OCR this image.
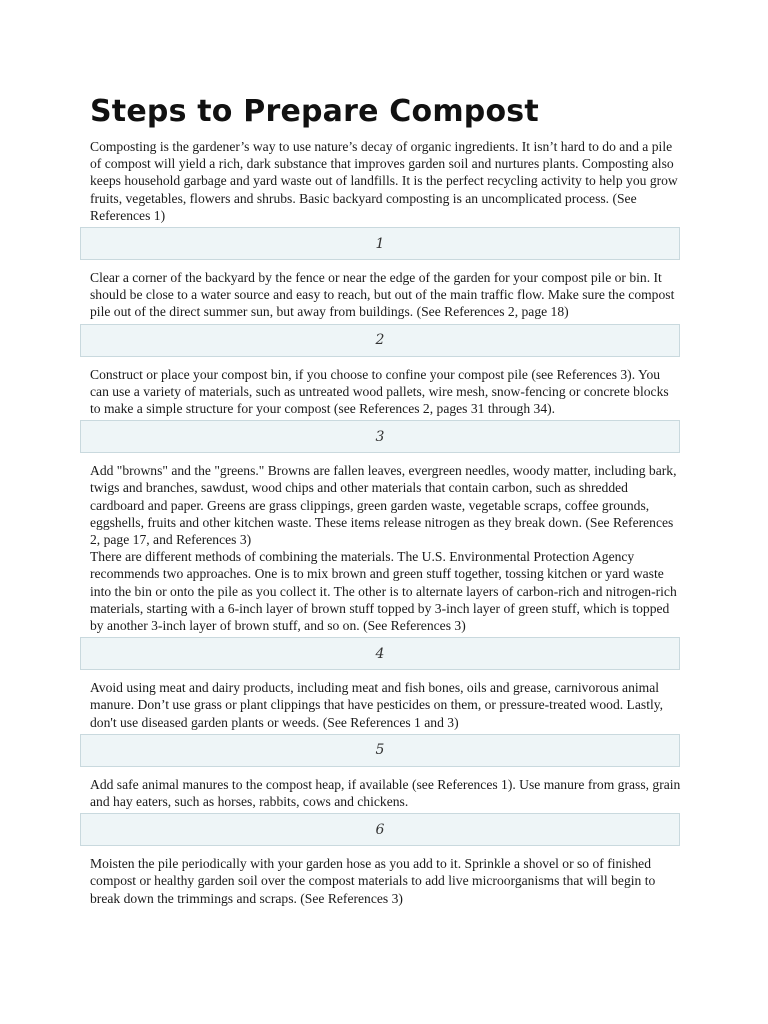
Steps to Prepare Compost

Composting is the gardener’s way to use nature’s decay of organic ingredients. It isn’t hard to do and a pile of compost will yield a rich, dark substance that improves garden soil and nurtures plants. Composting also keeps household garbage and yard waste out of landfills. It is the perfect recycling activity to help you grow fruits, vegetables, flowers and shrubs. Basic backyard composting is an uncomplicated process. (See References 1)

1

Clear a corner of the backyard by the fence or near the edge of the garden for your compost pile or bin. It should be close to a water source and easy to reach, but out of the main traffic flow. Make sure the compost pile out of the direct summer sun, but away from buildings. (See References 2, page 18)

2

Construct or place your compost bin, if you choose to confine your compost pile (see References 3). You can use a variety of materials, such as untreated wood pallets, wire mesh, snow-fencing or concrete blocks to make a simple structure for your compost (see References 2, pages 31 through 34).

3

Add "browns" and the "greens." Browns are fallen leaves, evergreen needles, woody matter, including bark, twigs and branches, sawdust, wood chips and other materials that contain carbon, such as shredded cardboard and paper. Greens are grass clippings, green garden waste, vegetable scraps, coffee grounds, eggshells, fruits and other kitchen waste. These items release nitrogen as they break down. (See References 2, page 17, and References 3)

There are different methods of combining the materials. The U.S. Environmental Protection Agency recommends two approaches. One is to mix brown and green stuff together, tossing kitchen or yard waste into the bin or onto the pile as you collect it. The other is to alternate layers of carbon-rich and nitrogen-rich materials, starting with a 6-inch layer of brown stuff topped by 3-inch layer of green stuff, which is topped by another 3-inch layer of brown stuff, and so on. (See References 3)

4

Avoid using meat and dairy products, including meat and fish bones, oils and grease, carnivorous animal manure. Don’t use grass or plant clippings that have pesticides on them, or pressure-treated wood. Lastly, don't use diseased garden plants or weeds. (See References 1 and 3)

5

Add safe animal manures to the compost heap, if available (see References 1). Use manure from grass, grain and hay eaters, such as horses, rabbits, cows and chickens.

6

Moisten the pile periodically with your garden hose as you add to it. Sprinkle a shovel or so of finished compost or healthy garden soil over the compost materials to add live microorganisms that will begin to break down the trimmings and scraps. (See References 3)
